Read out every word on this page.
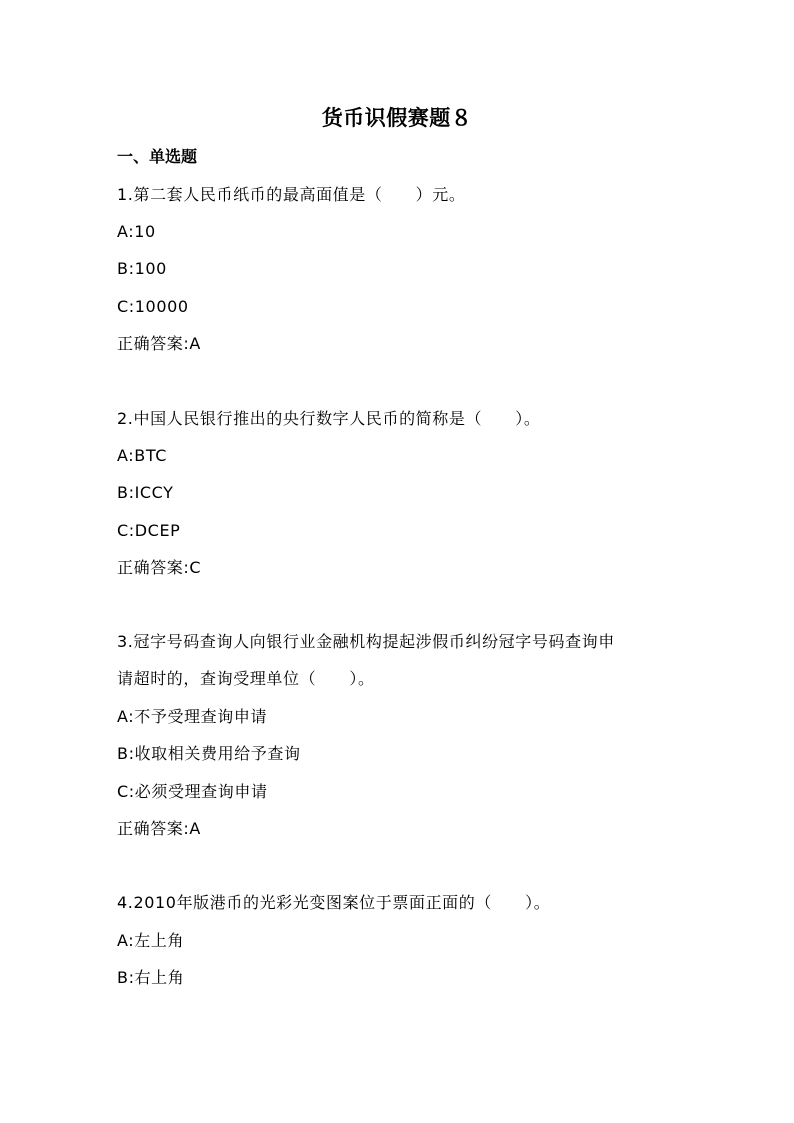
货币识假赛题８
一、单选题
1.第二套人民币纸币的最高面值是（　　）元。
A:10
B:100
C:10000
正确答案:A
2.中国人民银行推出的央行数字人民币的简称是（　　）。
A:BTC
B:ICCY
C:DCEP
正确答案:C
3.冠字号码查询人向银行业金融机构提起涉假币纠纷冠字号码查询申
请超时的，查询受理单位（　　）。
A:不予受理查询申请
B:收取相关费用给予查询
C:必须受理查询申请
正确答案:A
4.2010年版港币的光彩光变图案位于票面正面的（　　）。
A:左上角
B:右上角
